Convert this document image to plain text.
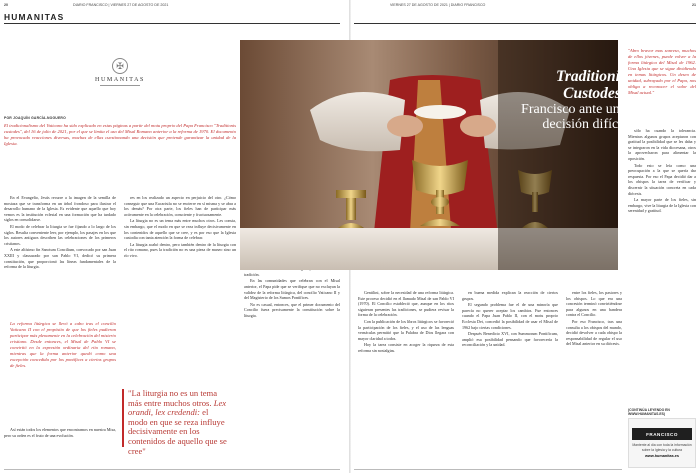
20	DIARIO FRANCISCO | VIERNES 27 DE AGOSTO DE 2021	VIERNES 27 DE AGOSTO DE 2021 | DIARIO FRANCISCO	21
HUMANITAS
✠
HUMANITAS
POR JOAQUÍN GARCÍA-NOGUERO
El tradicionalismo del Vaticano ha sido explicado en estas páginas a partir del motu proprio del Papa Francisco "Traditionis custodes", del 16 de julio de 2021, por el que se limita el uso del Misal Romano anterior a la reforma de 1970. El documento ha provocado reacciones diversas, muchas de ellas cuestionando una decisión que pretende garantizar la unidad de la Iglesia.

En el Evangelio, Jesús recurre a la imagen de la semilla de mostaza que se transforma en un árbol frondoso para ilustrar el desarrollo humano de la Iglesia. Es evidente que aquello que hoy vemos es la institución eclesial en una formación que ha tardado siglos en consolidarse.

El modo de celebrar la liturgia se fue fijando a lo largo de los siglos. Resulta conveniente leer, por ejemplo, los pasajes en los que los autores antiguos describen las celebraciones de los primeros cristianos.

A este altísimo fin Sanctum Concilium, convocado por san Juan XXIII y clausurado por san Pablo VI, dedicó su primera constitución, que proporcionó las líneas fundamentales de la reforma de la liturgia.

La reforma litúrgica se llevó a cabo tras el concilio Vaticano II con el propósito de que los fieles pudieran participar más plenamente en la celebración del misterio cristiano. Desde entonces, el Misal de Pablo VI se convirtió en la expresión ordinaria del rito romano, mientras que la forma anterior quedó como una excepción concedida por los pontífices a ciertos grupos de fieles.

Así están todos los elementos que encontramos en nuestra Misa, pero su orden es el fruto de una evolución.

res en los realizado un aspecto en perjuicio del otro. ¿Cómo conseguir que una Eucaristía no se encierre en sí misma y se abra a los demás? Por otra parte, los fieles han de participar más activamente en la celebración, consciente y fructuosamente.

La liturgia no es un tema más entre muchos otros. Les consta, sin embargo, que el modo en que se reza influye decisivamente en los contenidos de aquello que se cree, y es por eso que la Iglesia custodia con tanta atención la forma de celebrar.

La liturgia acabó dentro, pero también dentro de la liturgia con el rito romano, pues la tradición no es una pieza de museo sino un río vivo.

"La liturgia no es un tema más entre muchos otros. Lex orandi, lex credendi: el modo en que se reza influye decisivamente en los contenidos de aquello que se cree"

tradición.

En las comunidades que celebran con el Misal anterior, el Papa pide que se verifique que no excluyan la validez de la reforma litúrgica, del concilio Vaticano II y del Magisterio de los Sumos Pontífices.

No es casual, entonces, que el primer documento del Concilio fuera precisamente la constitución sobre la liturgia.

Traditionis Custodes:
Francisco ante una decisión difícil
"Abro bravor mas sonreso, muchos de ellos jóvenes, puede volver a la forma litúrgica del Misal de 1962. Una Iglesia que se sigue dividiendo en temas litúrgicos. Un deseo de unidad, subrayado por el Papa, nos obliga a reconocer el valor del Misal actual."

sólo ha cuando la tolerancia. Mientras algunos grupos aceptaron con gratitud la posibilidad que se les daba y se integraron en la vida diocesana, otros la aprovecharon para alimentar la oposición.

Todo esto se leía como una preocupación a la que se quería dar respuesta. Por eso el Papa decidió dar a los obispos la tarea de verificar y discernir la situación concreta en cada diócesis.

La mayor parte de los fieles, sin embargo, vive la liturgia de la Iglesia con serenidad y gratitud.

Gentilini, sobre la necesidad de una reforma litúrgica. Este proceso decidió en el llamado Misal de san Pablo VI (1970). El Concilio estableció que, aunque en los ritos siguieran presentes las tradiciones, se pudiera revisar la forma de la celebración.

Con la publicación de los libros litúrgicos se favoreció la participación de los fieles, y el uso de las lenguas vernáculas permitió que la Palabra de Dios llegara con mayor claridad a todos.

Hoy la tarea consiste en acoger la riqueza de esta reforma sin nostalgias.

en buena medida explican la reacción de ciertos grupos.

El segundo problema fue el de una minoría que parecía no querer aceptar los cambios. Fue entonces cuando el Papa Juan Pablo II, con el motu proprio Ecclesia Dei, concedió la posibilidad de usar el Misal de 1962 bajo ciertas condiciones.

Después Benedicto XVI, con Summorum Pontificum, amplió esa posibilidad pensando que favorecería la reconciliación y la unidad.

entre los fieles, los pastores y los obispos. Lo que era una concesión terminó convirtiéndose para algunos en una bandera contra el Concilio.

Por eso Francisco, tras una consulta a los obispos del mundo, decidió devolver a cada obispo la responsabilidad de regular el uso del Misal anterior en su diócesis.

(CONTINÚA LEYENDO EN WWW.HUMANITAS.ES)
FRANCISCO
Mantente al día con toda la información sobre la Iglesia y la cultura
www.humanitas.es
